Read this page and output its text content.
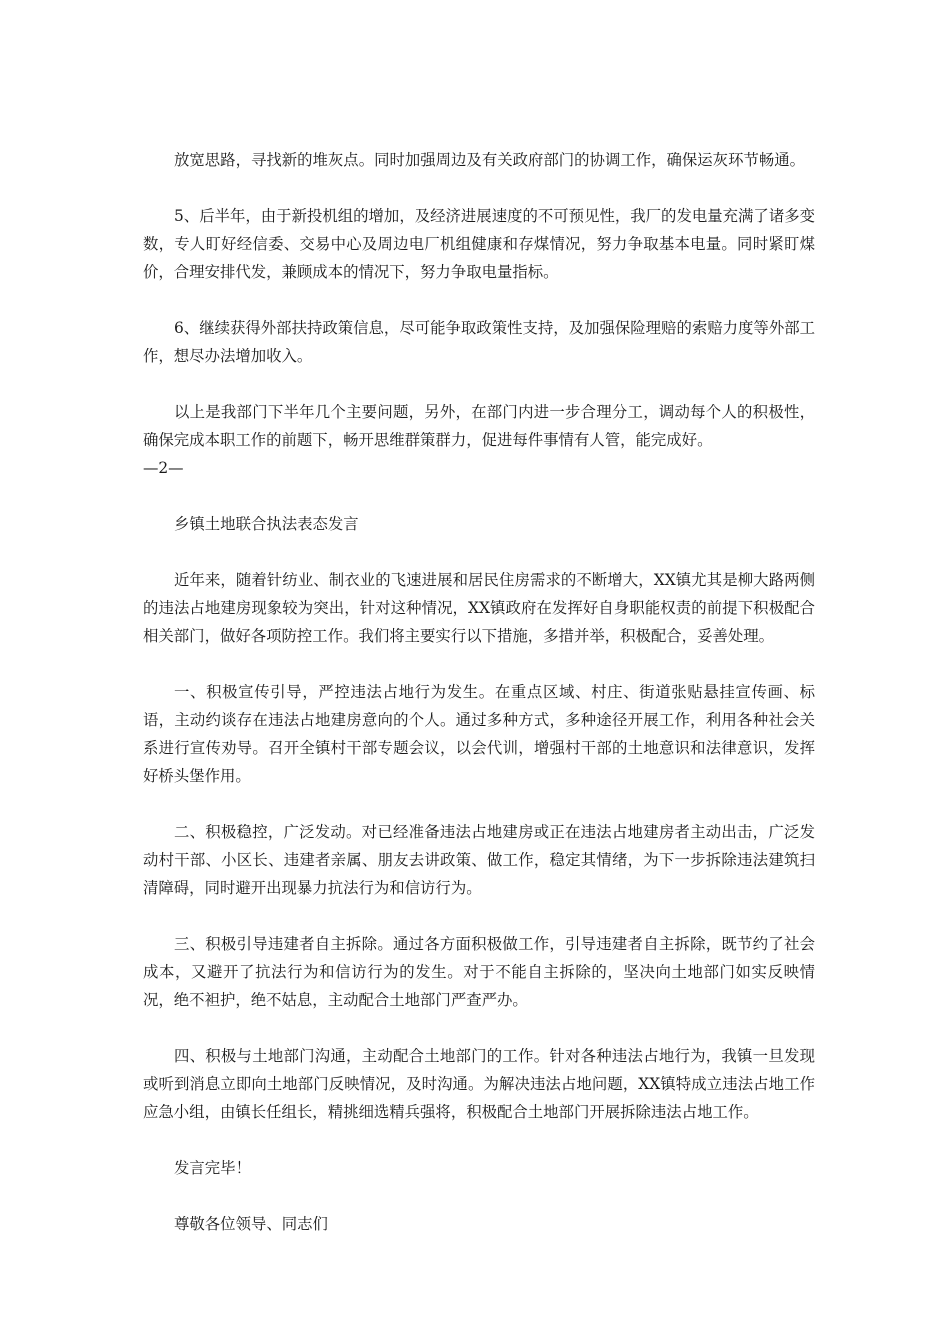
放宽思路，寻找新的堆灰点。同时加强周边及有关政府部门的协调工作，确保运灰环节畅通。

5、后半年，由于新投机组的增加，及经济进展速度的不可预见性，我厂的发电量充满了诸多变数，专人盯好经信委、交易中心及周边电厂机组健康和存煤情况，努力争取基本电量。同时紧盯煤价，合理安排代发，兼顾成本的情况下，努力争取电量指标。

6、继续获得外部扶持政策信息，尽可能争取政策性支持，及加强保险理赔的索赔力度等外部工作，想尽办法增加收入。

以上是我部门下半年几个主要问题，另外，在部门内进一步合理分工，调动每个人的积极性，确保完成本职工作的前题下，畅开思维群策群力，促进每件事情有人管，能完成好。

—2—

乡镇土地联合执法表态发言

近年来，随着针纺业、制衣业的飞速进展和居民住房需求的不断增大，XX镇尤其是柳大路两侧的违法占地建房现象较为突出，针对这种情况，XX镇政府在发挥好自身职能权责的前提下积极配合相关部门，做好各项防控工作。我们将主要实行以下措施，多措并举，积极配合，妥善处理。

一、积极宣传引导，严控违法占地行为发生。在重点区域、村庄、街道张贴悬挂宣传画、标语，主动约谈存在违法占地建房意向的个人。通过多种方式，多种途径开展工作，利用各种社会关系进行宣传劝导。召开全镇村干部专题会议，以会代训，增强村干部的土地意识和法律意识，发挥好桥头堡作用。

二、积极稳控，广泛发动。对已经准备违法占地建房或正在违法占地建房者主动出击，广泛发动村干部、小区长、违建者亲属、朋友去讲政策、做工作，稳定其情绪，为下一步拆除违法建筑扫清障碍，同时避开出现暴力抗法行为和信访行为。

三、积极引导违建者自主拆除。通过各方面积极做工作，引导违建者自主拆除，既节约了社会成本，又避开了抗法行为和信访行为的发生。对于不能自主拆除的，坚决向土地部门如实反映情况，绝不袒护，绝不姑息，主动配合土地部门严查严办。

四、积极与土地部门沟通，主动配合土地部门的工作。针对各种违法占地行为，我镇一旦发现或听到消息立即向土地部门反映情况，及时沟通。为解决违法占地问题，XX镇特成立违法占地工作应急小组，由镇长任组长，精挑细选精兵强将，积极配合土地部门开展拆除违法占地工作。

发言完毕！

尊敬各位领导、同志们
